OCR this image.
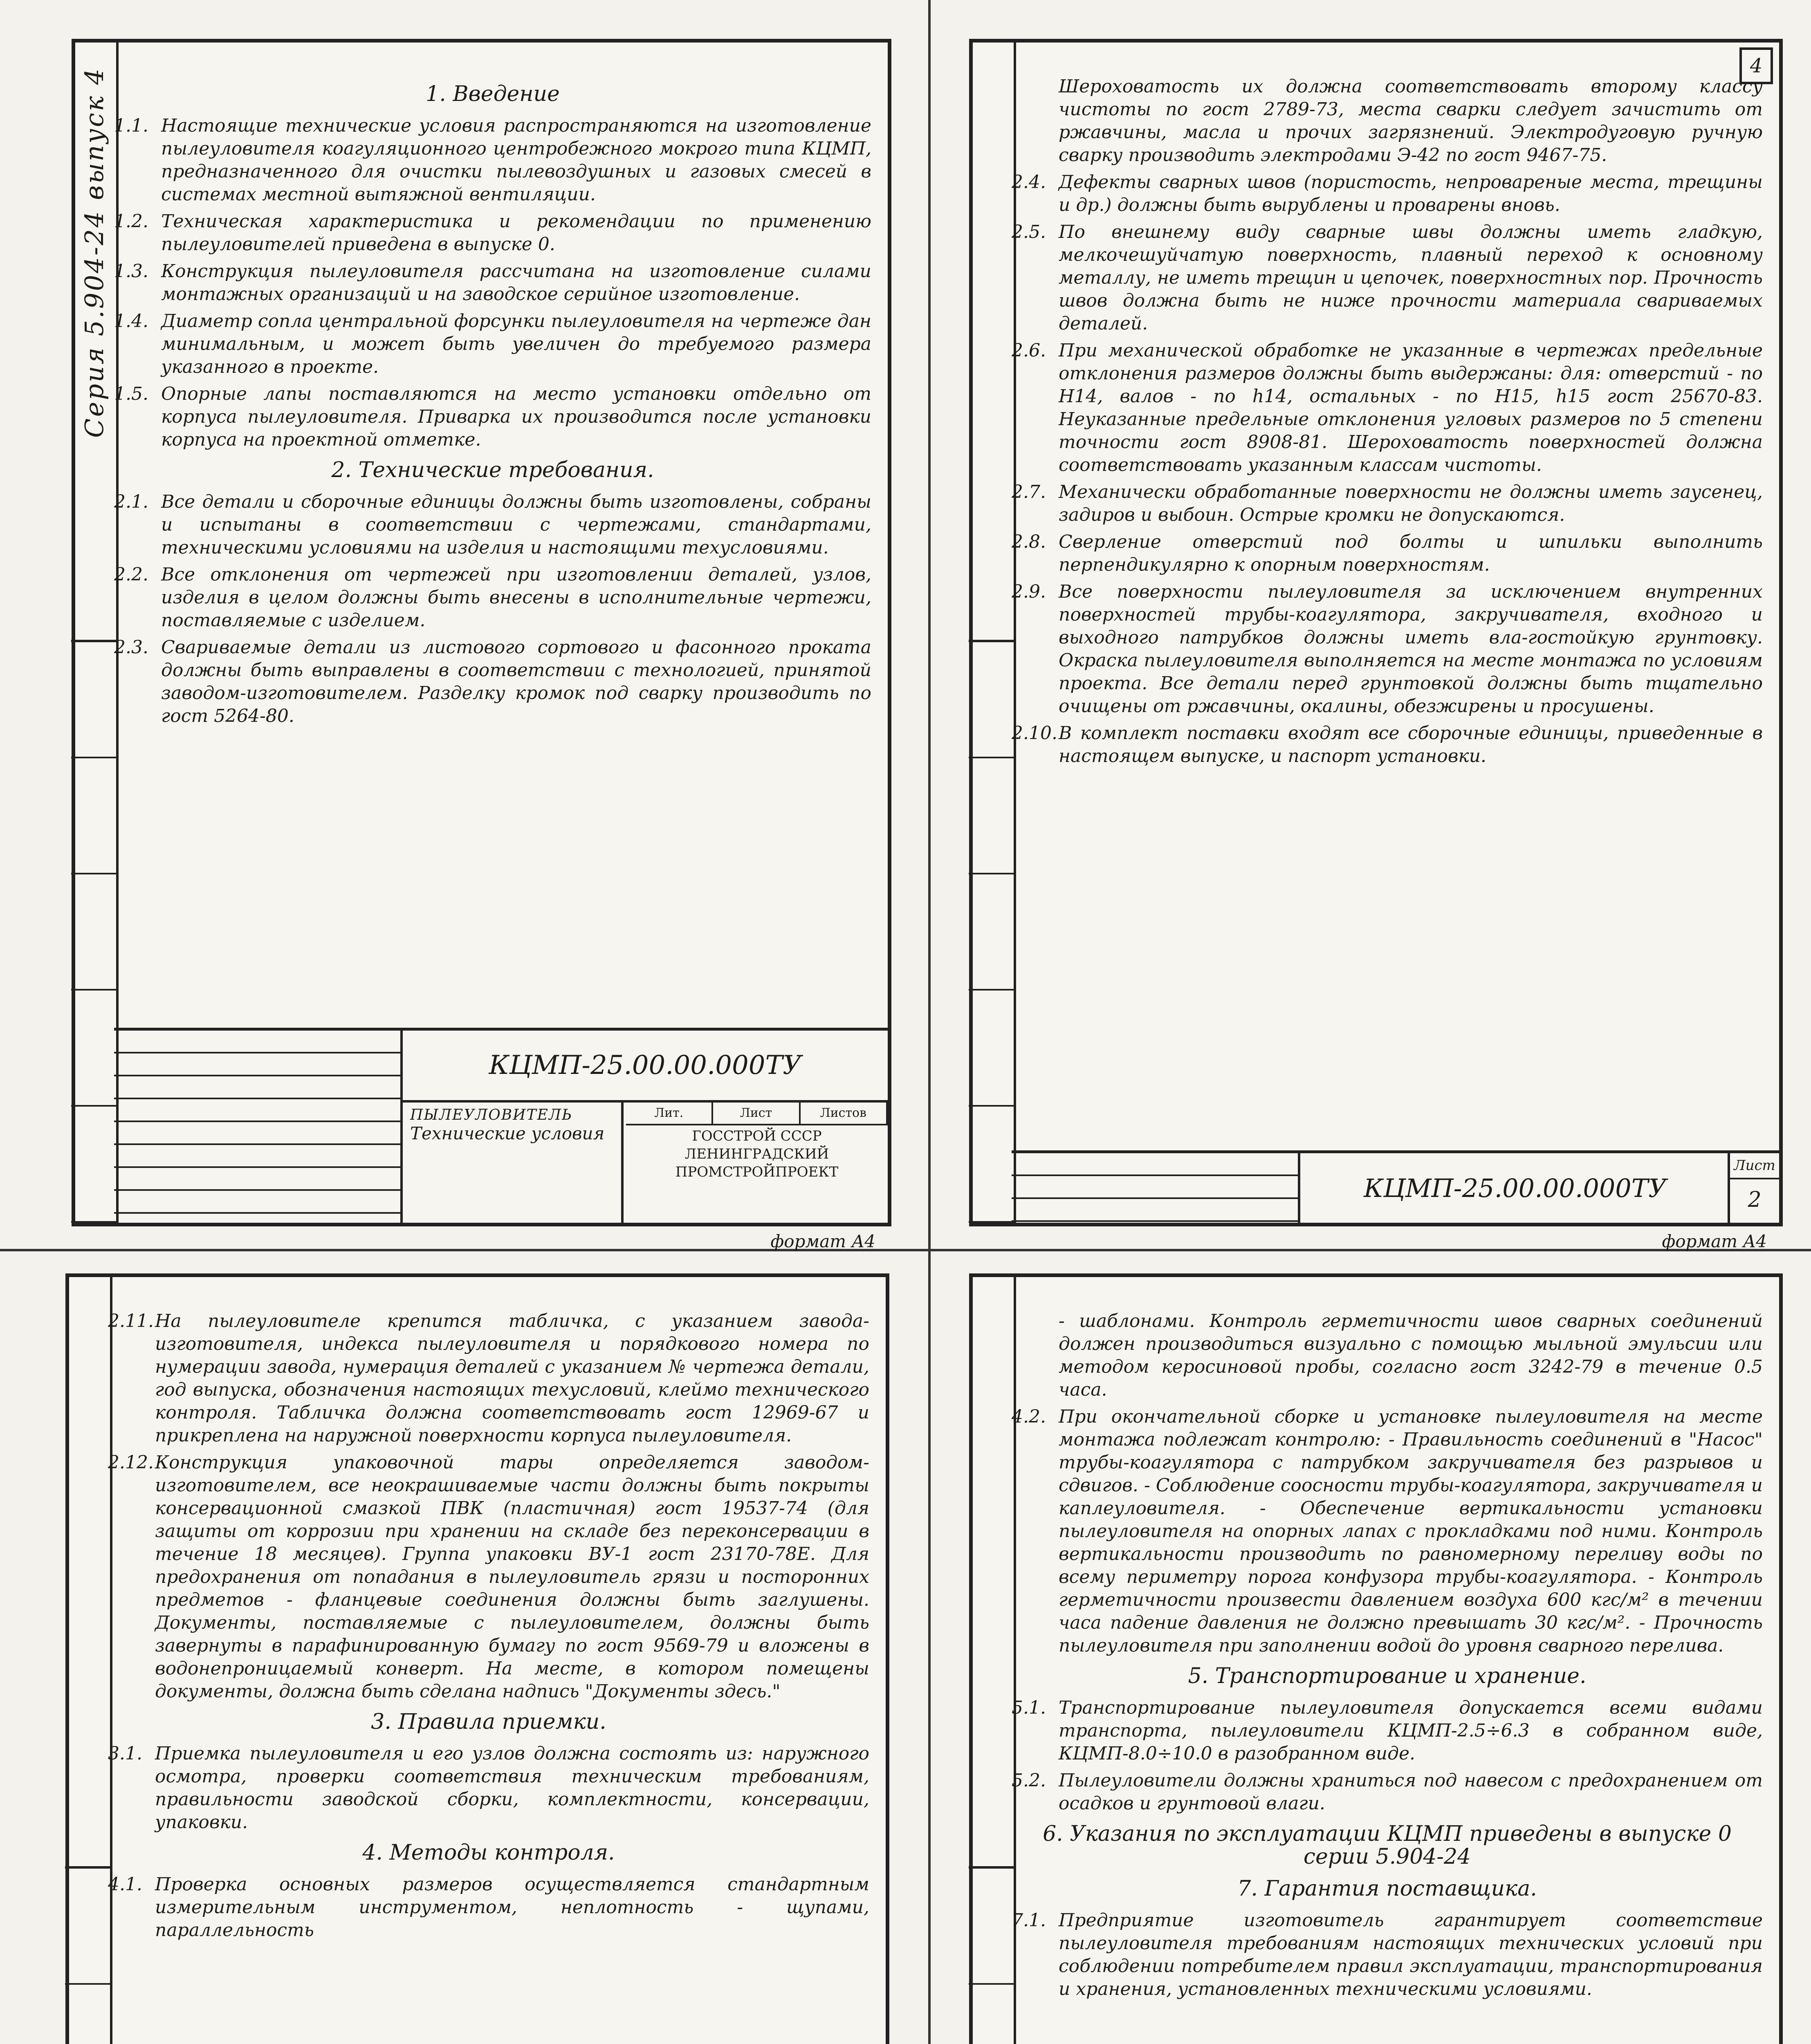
Серия 5.904-24 выпуск 4	1. Введение
1.1. Настоящие технические условия распространяются на изготовление пылеуловителя коагуляционного центробежного мокрого типа КЦМП, предназначенного для очистки пылевоздушных и газовых смесей в системах местной вытяжной вентиляции.
1.2. Техническая характеристика и рекомендации по применению пылеуловителей приведена в выпуске 0.
1.3. Конструкция пылеуловителя рассчитана на изготовление силами монтажных организаций и на заводское серийное изготовление.
1.4. Диаметр сопла центральной форсунки пылеуловителя на чертеже дан минимальным, и может быть увеличен до требуемого размера указанного в проекте.
1.5. Опорные лапы поставляются на место установки отдельно от корпуса пылеуловителя. Приварка их производится после установки корпуса на проектной отметке.
2. Технические требования.
2.1. Все детали и сборочные единицы должны быть изготовлены, собраны и испытаны в соответствии с чертежами, стандартами, техническими условиями на изделия и настоящими техусловиями.
2.2. Все отклонения от чертежей при изготовлении деталей, узлов, изделия в целом должны быть внесены в исполнительные чертежи, поставляемые с изделием.
2.3. Свариваемые детали из листового сортового и фасонного проката должны быть выправлены в соответствии с технологией, принятой заводом-изготовителем. Разделку кромок под сварку производить по гост 5264-80.
КЦМП-25.00.00.000ТУ
ПЫЛЕУЛОВИТЕЛЬ
Технические условия
Лит.	Лист	Листов
ГОССТРОЙ СССР
ЛЕНИНГРАДСКИЙ
ПРОМСТРОЙПРОЕКТ
формат А4
4
Шероховатость их должна соответствовать второму классу чистоты по гост 2789-73, места сварки следует зачистить от ржавчины, масла и прочих загрязнений. Электродуговую ручную сварку производить электродами Э-42 по гост 9467-75.
2.4. Дефекты сварных швов (пористость, непровареные места, трещины и др.) должны быть вырублены и проварены вновь.
2.5. По внешнему виду сварные швы должны иметь гладкую, мелкочешуйчатую поверхность, плавный переход к основному металлу, не иметь трещин и цепочек, поверхностных пор. Прочность швов должна быть не ниже прочности материала свариваемых деталей.
2.6. При механической обработке не указанные в чертежах предельные отклонения размеров должны быть выдержаны: для: отверстий - по Н14, валов - по h14, остальных - по Н15, h15 гост 25670-83. Неуказанные предельные отклонения угловых размеров по 5 степени точности гост 8908-81. Шероховатость поверхностей должна соответствовать указанным классам чистоты.
2.7. Механически обработанные поверхности не должны иметь заусенец, задиров и выбоин. Острые кромки не допускаются.
2.8. Сверление отверстий под болты и шпильки выполнить перпендикулярно к опорным поверхностям.
2.9. Все поверхности пылеуловителя за исключением внутренних поверхностей трубы-коагулятора, закручивателя, входного и выходного патрубков должны иметь вла-гостойкую грунтовку. Окраска пылеуловителя выполняется на месте монтажа по условиям проекта. Все детали перед грунтовкой должны быть тщательно очищены от ржавчины, окалины, обезжирены и просушены.
2.10. В комплект поставки входят все сборочные единицы, приведенные в настоящем выпуске, и паспорт установки.
КЦМП-25.00.00.000ТУ
Лист
2
формат А4
2.11. На пылеуловителе крепится табличка, с указанием завода-изготовителя, индекса пылеуловителя и порядкового номера по нумерации завода, нумерация деталей с указанием № чертежа детали, год выпуска, обозначения настоящих техусловий, клеймо технического контроля. Табличка должна соответствовать гост 12969-67 и прикреплена на наружной поверхности корпуса пылеуловителя.
2.12. Конструкция упаковочной тары определяется заводом-изготовителем, все неокрашиваемые части должны быть покрыты консервационной смазкой ПВК (пластичная) гост 19537-74 (для защиты от коррозии при хранении на складе без переконсервации в течение 18 месяцев). Группа упаковки ВУ-1 гост 23170-78Е. Для предохранения от попадания в пылеуловитель грязи и посторонних предметов - фланцевые соединения должны быть заглушены. Документы, поставляемые с пылеуловителем, должны быть завернуты в парафинированную бумагу по гост 9569-79 и вложены в водонепроницаемый конверт. На месте, в котором помещены документы, должна быть сделана надпись "Документы здесь."
3. Правила приемки.
3.1. Приемка пылеуловителя и его узлов должна состоять из: наружного осмотра, проверки соответствия техническим требованиям, правильности заводской сборки, комплектности, консервации, упаковки.
4. Методы контроля.
4.1. Проверка основных размеров осуществляется стандартным измерительным инструментом, неплотность - щупами, параллельность
- шаблонами. Контроль герметичности швов сварных соединений должен производиться визуально с помощью мыльной эмульсии или методом керосиновой пробы, согласно гост 3242-79 в течение 0.5 часа.
4.2. При окончательной сборке и установке пылеуловителя на месте монтажа подлежат контролю: - Правильность соединений в "Насос" трубы-коагулятора с патрубком закручивателя без разрывов и сдвигов. - Соблюдение соосности трубы-коагулятора, закручивателя и каплеуловителя. - Обеспечение вертикальности установки пылеуловителя на опорных лапах с прокладками под ними. Контроль вертикальности производить по равномерному переливу воды по всему периметру порога конфузора трубы-коагулятора. - Контроль герметичности произвести давлением воздуха 600 кгс/м² в течении часа падение давления не должно превышать 30 кгс/м². - Прочность пылеуловителя при заполнении водой до уровня сварного перелива.
5. Транспортирование и хранение.
5.1. Транспортирование пылеуловителя допускается всеми видами транспорта, пылеуловители КЦМП-2.5÷6.3 в собранном виде, КЦМП-8.0÷10.0 в разобранном виде.
5.2. Пылеуловители должны храниться под навесом с предохранением от осадков и грунтовой влаги.
6. Указания по эксплуатации КЦМП приведены в выпуске 0 серии 5.904-24
7. Гарантия поставщика.
7.1. Предприятие изготовитель гарантирует соответствие пылеуловителя требованиям настоящих технических условий при соблюдении потребителем правил эксплуатации, транспортирования и хранения, установленных техническими условиями.
